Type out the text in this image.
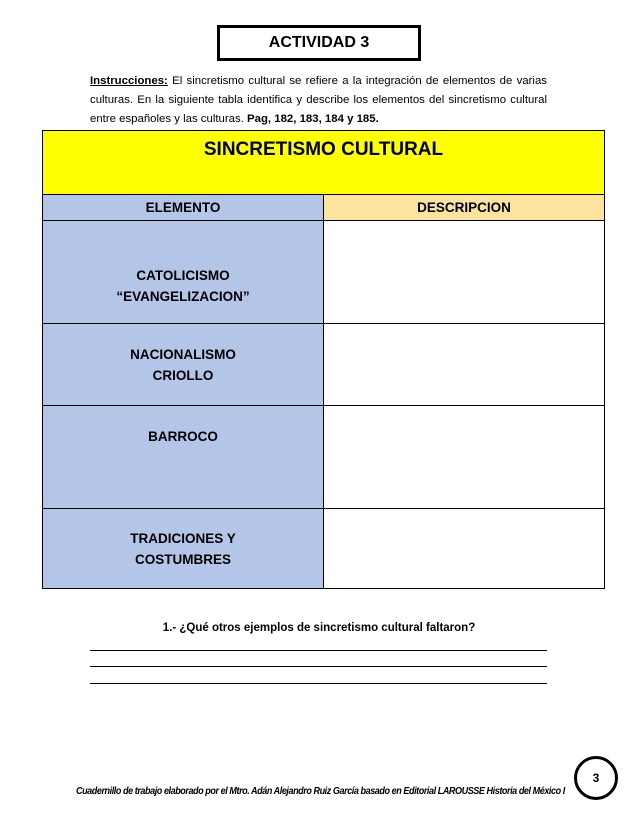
ACTIVIDAD 3

Instrucciones: El sincretismo cultural se refiere a la integración de elementos de varias culturas. En la siguiente tabla identifica y describe los elementos del sincretismo cultural entre españoles y las culturas. Pag, 182, 183, 184 y 185.

SINCRETISMO CULTURAL	
ELEMENTO	DESCRIPCION

CATOLICISMO
“EVANGELIZACION”	

NACIONALISMO
CRIOLLO	

BARROCO	

TRADICIONES Y
COSTUMBRES	

1.- ¿Qué otros ejemplos de sincretismo cultural faltaron?
Cuadernillo de trabajo elaborado por el Mtro. Adán Alejandro Ruiz García basado en Editorial LAROUSSE Historia del México I
3
